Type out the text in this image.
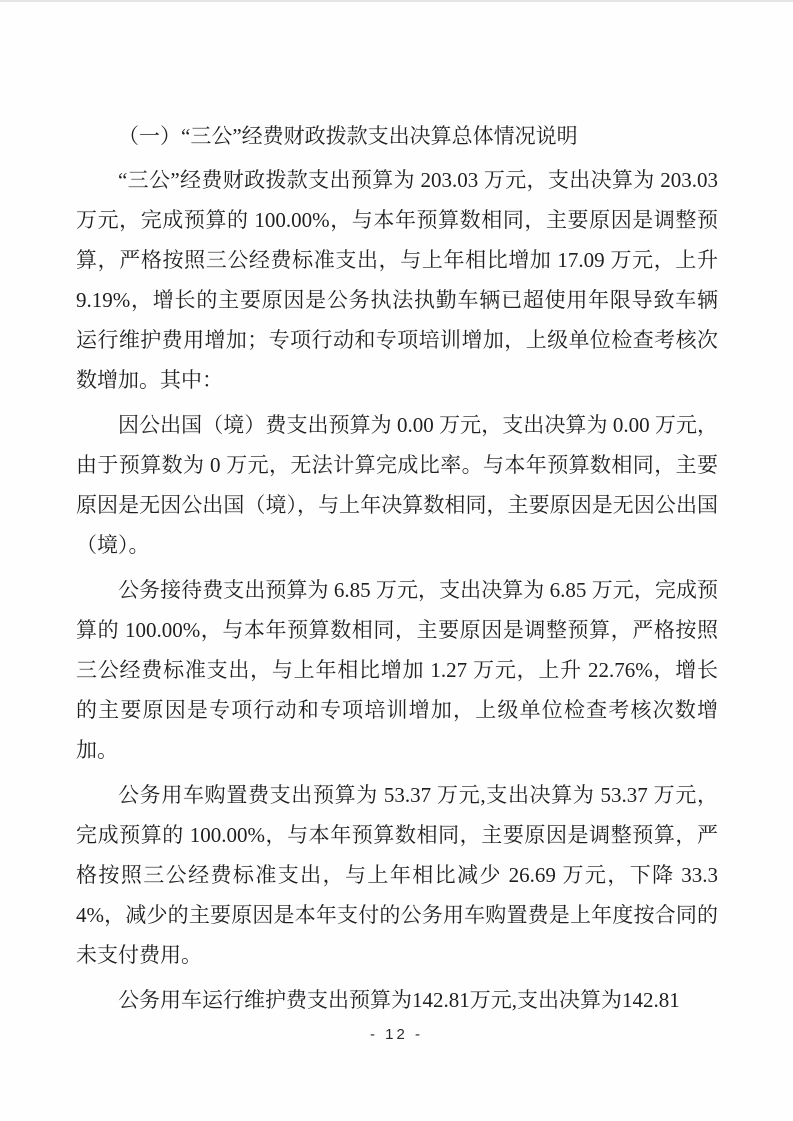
（一）“三公”经费财政拨款支出决算总体情况说明

“三公”经费财政拨款支出预算为 203.03 万元，支出决算为 203.03 万元，完成预算的 100.00%，与本年预算数相同，主要原因是调整预算，严格按照三公经费标准支出，与上年相比增加 17.09 万元，上升 9.19%，增长的主要原因是公务执法执勤车辆已超使用年限导致车辆运行维护费用增加；专项行动和专项培训增加，上级单位检查考核次数增加。其中：

因公出国（境）费支出预算为 0.00 万元，支出决算为 0.00 万元，由于预算数为 0 万元，无法计算完成比率。与本年预算数相同，主要原因是无因公出国（境），与上年决算数相同，主要原因是无因公出国（境）。

公务接待费支出预算为 6.85 万元，支出决算为 6.85 万元，完成预算的 100.00%，与本年预算数相同，主要原因是调整预算，严格按照三公经费标准支出，与上年相比增加 1.27 万元，上升 22.76%，增长的主要原因是专项行动和专项培训增加，上级单位检查考核次数增加。

公务用车购置费支出预算为 53.37 万元,支出决算为 53.37 万元，完成预算的 100.00%，与本年预算数相同，主要原因是调整预算，严格按照三公经费标准支出，与上年相比减少 26.69 万元，下降 33.34%，减少的主要原因是本年支付的公务用车购置费是上年度按合同的未支付费用。

公务用车运行维护费支出预算为142.81万元,支出决算为142.81

- 12 -
